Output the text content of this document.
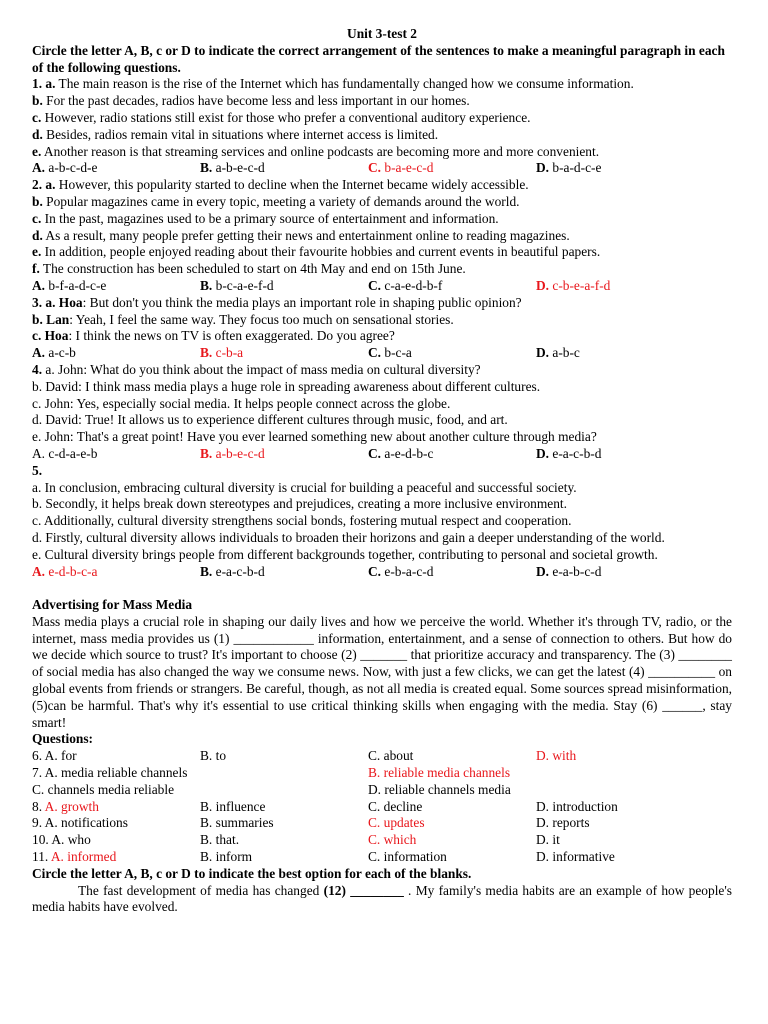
Unit 3-test 2
Circle the letter A, B, c or D to indicate the correct arrangement of the sentences to make a meaningful paragraph in each of the following questions.
1. a. The main reason is the rise of the Internet which has fundamentally changed how we consume information.
b. For the past decades, radios have become less and less important in our homes.
c. However, radio stations still exist for those who prefer a conventional auditory experience.
d. Besides, radios remain vital in situations where internet access is limited.
e. Another reason is that streaming services and online podcasts are becoming more and more convenient.
A. a-b-c-d-e	B. a-b-e-c-d	C. b-a-e-c-d	D. b-a-d-c-e
2. a. However, this popularity started to decline when the Internet became widely accessible.
b. Popular magazines came in every topic, meeting a variety of demands around the world.
c. In the past, magazines used to be a primary source of entertainment and information.
d. As a result, many people prefer getting their news and entertainment online to reading magazines.
e. In addition, people enjoyed reading about their favourite hobbies and current events in beautiful papers.
f. The construction has been scheduled to start on 4th May and end on 15th June.
A. b-f-a-d-c-e	B. b-c-a-e-f-d	C. c-a-e-d-b-f	D. c-b-e-a-f-d
3. a. Hoa: But don't you think the media plays an important role in shaping public opinion?
b. Lan: Yeah, I feel the same way. They focus too much on sensational stories.
c. Hoa: I think the news on TV is often exaggerated. Do you agree?
A. a-c-b	B. c-b-a	C. b-c-a	D. a-b-c
4. a. John: What do you think about the impact of mass media on cultural diversity?
b. David: I think mass media plays a huge role in spreading awareness about different cultures.
c. John: Yes, especially social media. It helps people connect across the globe.
d. David: True! It allows us to experience different cultures through music, food, and art.
e. John: That's a great point! Have you ever learned something new about another culture through media?
A. c-d-a-e-b	B. a-b-e-c-d	C. a-e-d-b-c	D. e-a-c-b-d
5.
a. In conclusion, embracing cultural diversity is crucial for building a peaceful and successful society.
b. Secondly, it helps break down stereotypes and prejudices, creating a more inclusive environment.
c. Additionally, cultural diversity strengthens social bonds, fostering mutual respect and cooperation.
d. Firstly, cultural diversity allows individuals to broaden their horizons and gain a deeper understanding of the world.
e. Cultural diversity brings people from different backgrounds together, contributing to personal and societal growth.
A. e-d-b-c-a	B. e-a-c-b-d	C. e-b-a-c-d	D. e-a-b-c-d
Advertising for Mass Media
Mass media plays a crucial role in shaping our daily lives and how we perceive the world. Whether it's through TV, radio, or the internet, mass media provides us (1) ____________ information, entertainment, and a sense of connection to others. But how do we decide which source to trust? It's important to choose (2) _______ that prioritize accuracy and transparency. The (3) ________ of social media has also changed the way we consume news. Now, with just a few clicks, we can get the latest (4) __________ on global events from friends or strangers. Be careful, though, as not all media is created equal. Some sources spread misinformation, (5)can be harmful. That's why it's essential to use critical thinking skills when engaging with the media. Stay (6) ______, stay smart!
Questions:
6. A. for	B. to	C. about	D. with
7. A. media reliable channels	B. reliable media channels
C. channels media reliable	D. reliable channels media
8. A. growth	B. influence	C. decline	D. introduction
9. A. notifications	B. summaries	C. updates	D. reports
10. A. who	B. that.	C. which	D. it
11. A. informed	B. inform	C. information	D. informative
Circle the letter A, B, c or D to indicate the best option for each of the blanks.
The fast development of media has changed (12) ________ . My family's media habits are an example of how people's media habits have evolved.
